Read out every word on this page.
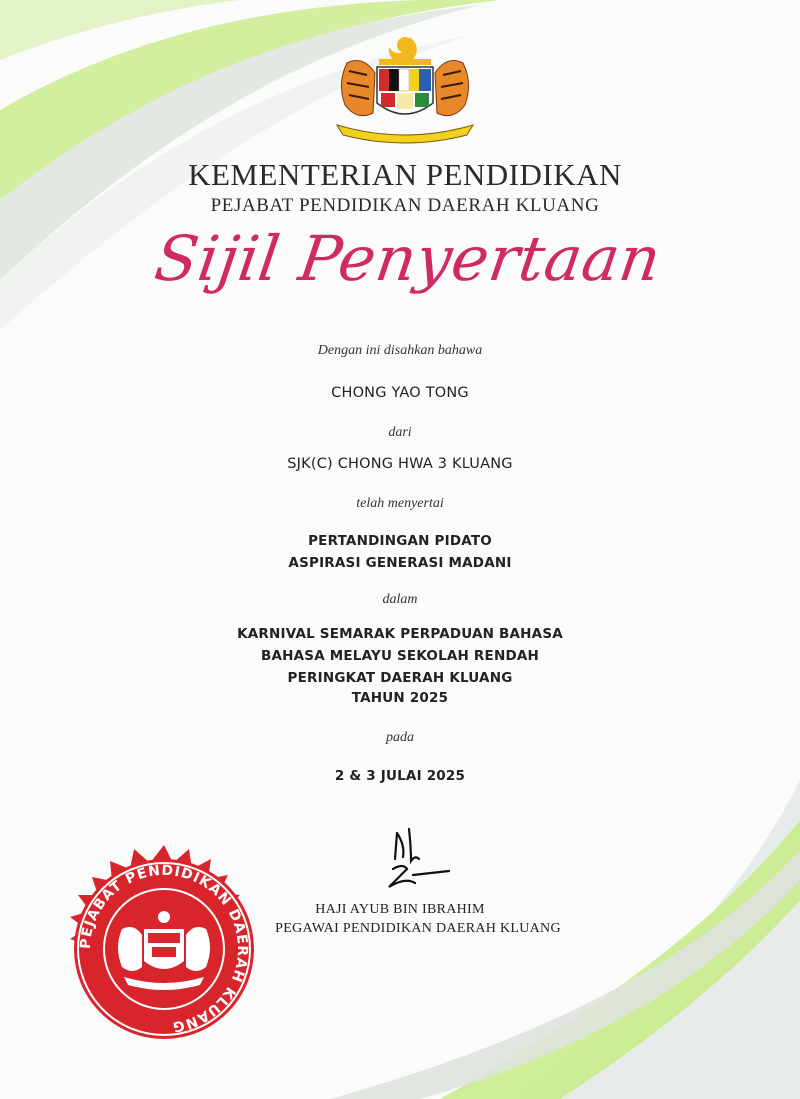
KEMENTERIAN PENDIDIKAN
PEJABAT PENDIDIKAN DAERAH KLUANG
Sijil Penyertaan
Dengan ini disahkan bahawa
CHONG YAO TONG
dari
SJK(C) CHONG HWA 3 KLUANG
telah menyertai
PERTANDINGAN PIDATO
ASPIRASI GENERASI MADANI
dalam
KARNIVAL SEMARAK PERPADUAN BAHASA
BAHASA MELAYU SEKOLAH RENDAH
PERINGKAT DAERAH KLUANG
TAHUN 2025
pada
2 & 3 JULAI 2025
HAJI AYUB BIN IBRAHIM
PEGAWAI PENDIDIKAN DAERAH KLUANG
PEJABAT PENDIDIKAN DAERAH KLUANG
